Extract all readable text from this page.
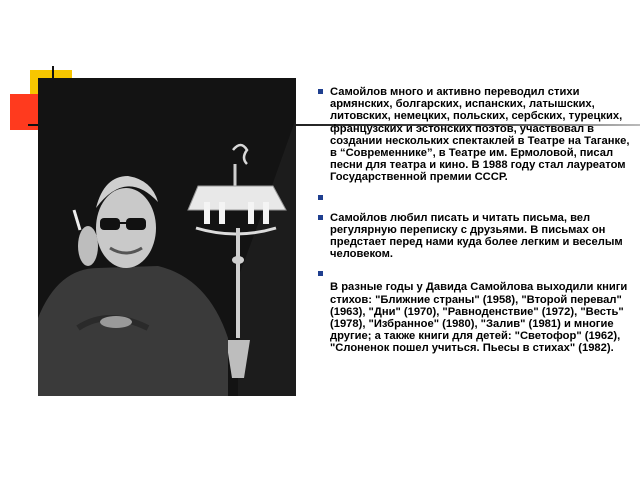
Самойлов много и активно переводил стихи армянских, болгарских, испанских, латышских, литовских, немецких, польских, сербских, турецких, французских и эстонских поэтов, участвовал в создании нескольких спектаклей в Театре на Таганке, в “Современнике”, в Театре им. Ермоловой, писал песни для театра и кино. В 1988 году стал лауреатом Государственной премии СССР.
Самойлов любил писать и читать письма, вел регулярную переписку с друзьями. В письмах он предстает перед нами куда более легким и веселым человеком.
В разные годы у Давида Самойлова выходили книги стихов: "Ближние страны" (1958), "Второй перевал" (1963), "Дни" (1970), "Равноденствие" (1972), "Весть" (1978), "Избранное" (1980), "Залив" (1981) и многие другие; а также книги для детей: "Светофор" (1962), "Слоненок пошел учиться. Пьесы в стихах" (1982).
